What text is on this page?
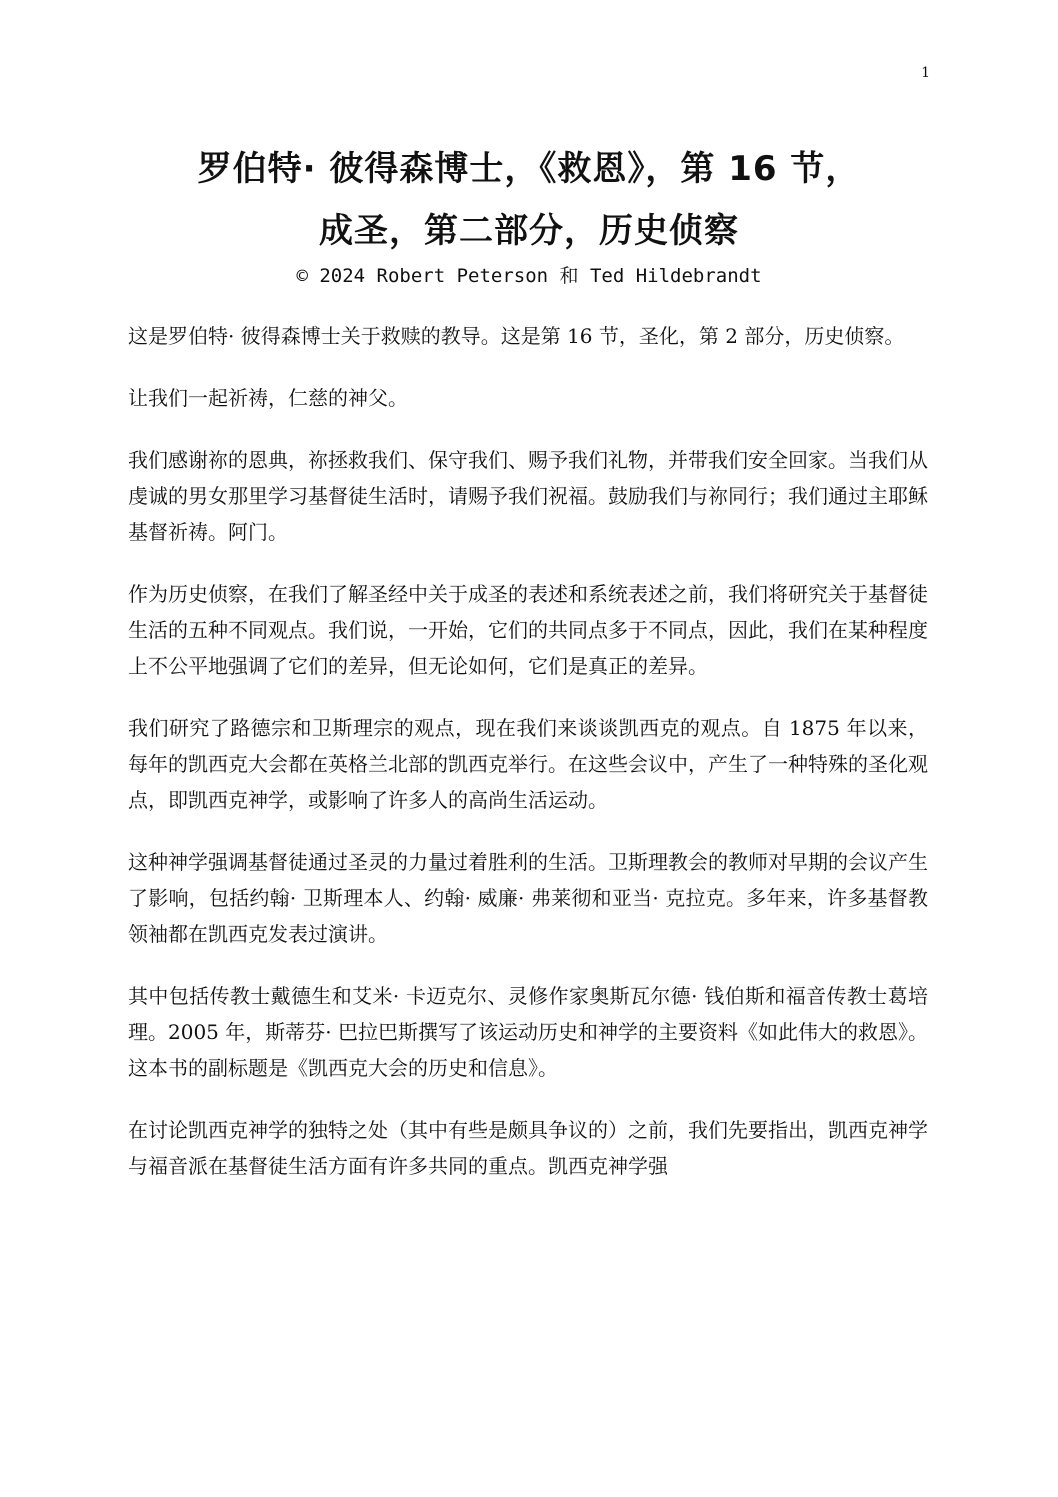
1
罗伯特· 彼得森博士，《救恩》，第 16 节，
成圣，第二部分，历史侦察
© 2024 Robert Peterson 和 Ted Hildebrandt

这是罗伯特· 彼得森博士关于救赎的教导。这是第 16 节，圣化，第 2 部分，历史侦察。

让我们一起祈祷，仁慈的神父。

我们感谢祢的恩典，祢拯救我们、保守我们、赐予我们礼物，并带我们安全回家。当我们从虔诚的男女那里学习基督徒生活时，请赐予我们祝福。鼓励我们与祢同行；我们通过主耶稣基督祈祷。阿门。

作为历史侦察，在我们了解圣经中关于成圣的表述和系统表述之前，我们将研究关于基督徒生活的五种不同观点。我们说，一开始，它们的共同点多于不同点，因此，我们在某种程度上不公平地强调了它们的差异，但无论如何，它们是真正的差异。

我们研究了路德宗和卫斯理宗的观点，现在我们来谈谈凯西克的观点。自 1875 年以来，每年的凯西克大会都在英格兰北部的凯西克举行。在这些会议中，产生了一种特殊的圣化观点，即凯西克神学，或影响了许多人的高尚生活运动。

这种神学强调基督徒通过圣灵的力量过着胜利的生活。卫斯理教会的教师对早期的会议产生了影响，包括约翰· 卫斯理本人、约翰· 威廉· 弗莱彻和亚当· 克拉克。多年来，许多基督教领袖都在凯西克发表过演讲。

其中包括传教士戴德生和艾米· 卡迈克尔、灵修作家奥斯瓦尔德· 钱伯斯和福音传教士葛培理。2005 年，斯蒂芬· 巴拉巴斯撰写了该运动历史和神学的主要资料《如此伟大的救恩》。这本书的副标题是《凯西克大会的历史和信息》。

在讨论凯西克神学的独特之处（其中有些是颇具争议的）之前，我们先要指出，凯西克神学与福音派在基督徒生活方面有许多共同的重点。凯西克神学强
